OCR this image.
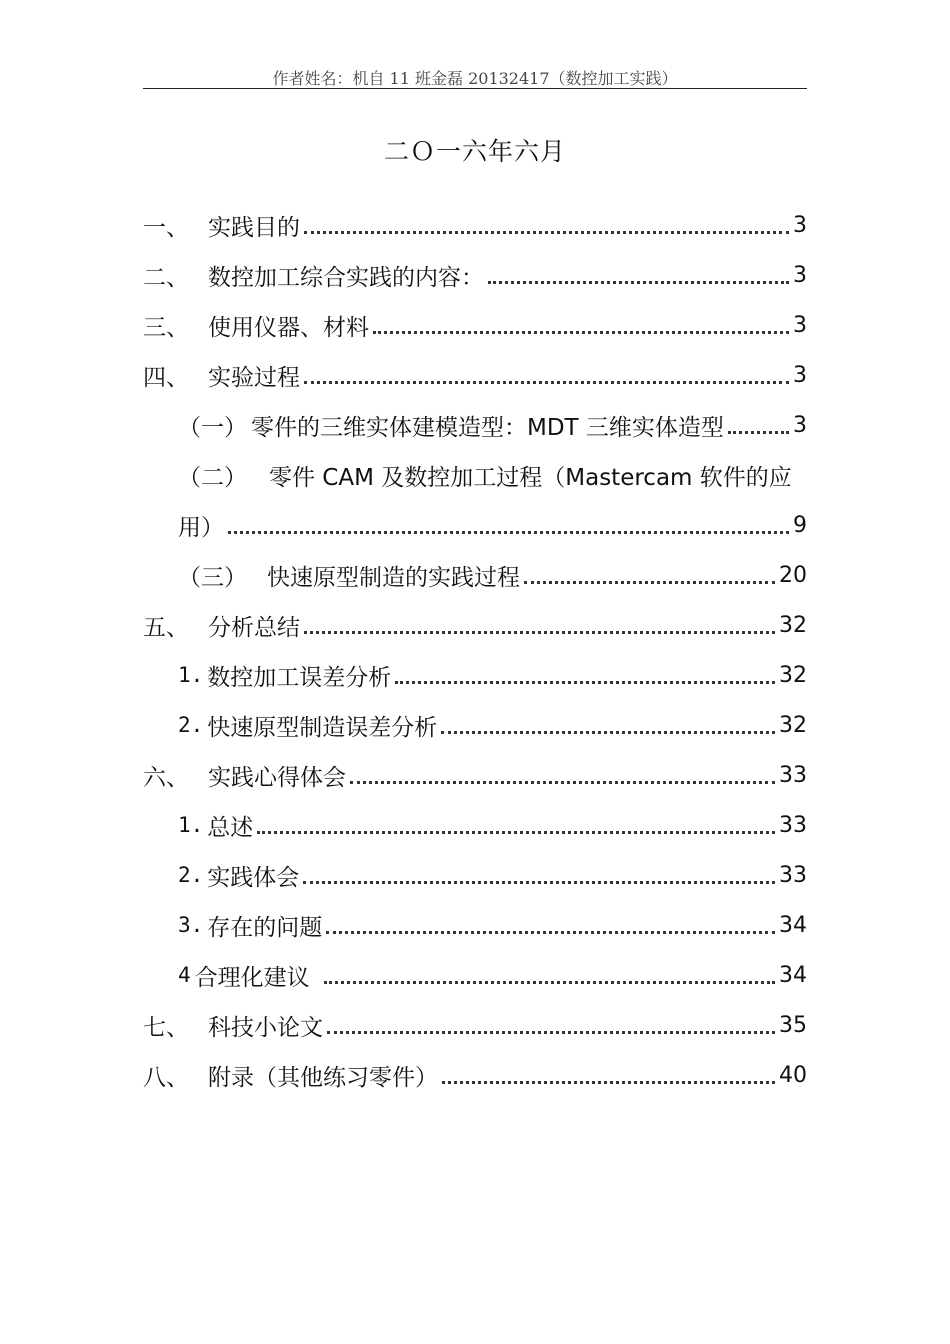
作者姓名：机自 11 班金磊 20132417（数控加工实践）
二Ｏ一六年六月
一、 实践目的	3
二、 数控加工综合实践的内容：	3
三、 使用仪器、材料	3
四、 实验过程	3
（一） 零件的三维实体建模造型：MDT 三维实体造型	3
（二） 零件 CAM 及数控加工过程（Mastercam 软件的应
用）	9
（三） 快速原型制造的实践过程	20
五、 分析总结	32
1. 数控加工误差分析	32
2. 快速原型制造误差分析	32
六、 实践心得体会	33
1. 总述	33
2. 实践体会	33
3. 存在的问题	34
4 合理化建议	34
七、 科技小论文	35
八、 附录（其他练习零件）	40
